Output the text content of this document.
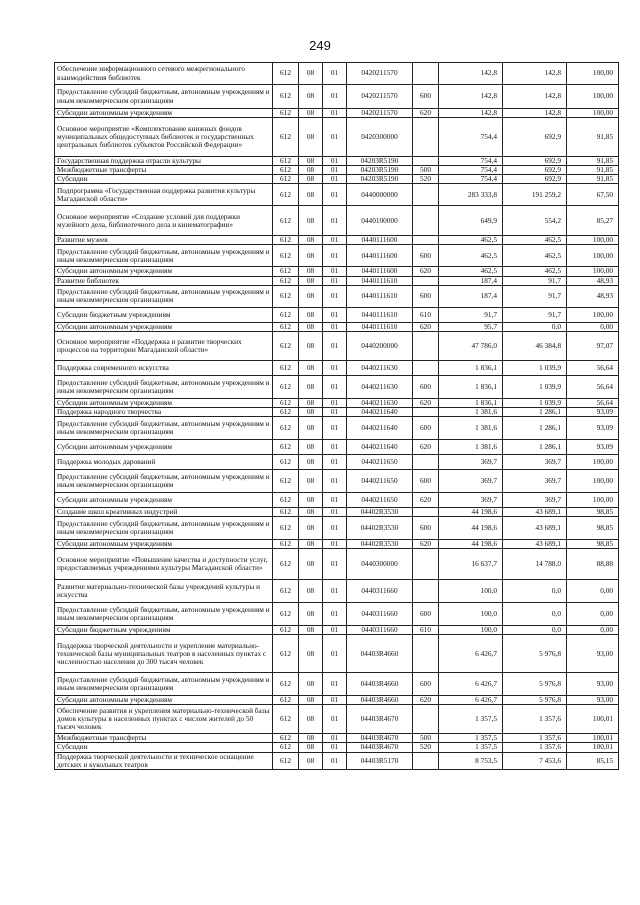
249
Обеспечение информационного сетевого межрегионального взаимодействия библиотек	612	08	01	0420211570		142,8	142,8	100,00
Предоставление субсидий бюджетным, автономным учреждениям и иным некоммерческим организациям	612	08	01	0420211570	600	142,8	142,8	100,00
Субсидии автономным учреждениям	612	08	01	0420211570	620	142,8	142,8	100,00
Основное мероприятие «Комплектование книжных фондов муниципальных общедоступных библиотек и государственных центральных библиотек субъектов Российской Федерации»	612	08	01	0420300000		754,4	692,9	91,85
Государственная поддержка отрасли культуры	612	08	01	04203R5190		754,4	692,9	91,85
Межбюджетные трансферты	612	08	01	04203R5190	500	754,4	692,9	91,85
Субсидии	612	08	01	04203R5190	520	754,4	692,9	91,85
Подпрограмма «Государственная поддержка развития культуры Магаданской области»	612	08	01	0440000000		283 333,8	191 259,2	67,50
Основное мероприятие «Создание условий для поддержки музейного дела, библиотечного дела и кинематографии»	612	08	01	0440100000		649,9	554,2	85,27
Развитие музеев	612	08	01	0440111600		462,5	462,5	100,00
Предоставление субсидий бюджетным, автономным учреждениям и иным некоммерческим организациям	612	08	01	0440111600	600	462,5	462,5	100,00
Субсидии автономным учреждениям	612	08	01	0440111600	620	462,5	462,5	100,00
Развитие библиотек	612	08	01	0440111610		187,4	91,7	48,93
Предоставление субсидий бюджетным, автономным учреждениям и иным некоммерческим организациям	612	08	01	0440111610	600	187,4	91,7	48,93
Субсидии бюджетным учреждениям	612	08	01	0440111610	610	91,7	91,7	100,00
Субсидии автономным учреждениям	612	08	01	0440111610	620	95,7	0,0	0,00
Основное мероприятие «Поддержка и развитие творческих процессов на территории Магаданской области»	612	08	01	0440200000		47 786,0	46 384,8	97,07
Поддержка современного искусства	612	08	01	0440211630		1 836,1	1 039,9	56,64
Предоставление субсидий бюджетным, автономным учреждениям и иным некоммерческим организациям	612	08	01	0440211630	600	1 836,1	1 039,9	56,64
Субсидии автономным учреждениям	612	08	01	0440211630	620	1 836,1	1 039,9	56,64
Поддержка народного творчества	612	08	01	0440211640		1 381,6	1 286,1	93,09
Предоставление субсидий бюджетным, автономным учреждениям и иным некоммерческим организациям	612	08	01	0440211640	600	1 381,6	1 286,1	93,09
Субсидии автономным учреждениям	612	08	01	0440211640	620	1 381,6	1 286,1	93,09
Поддержка молодых дарований	612	08	01	0440211650		369,7	369,7	100,00
Предоставление субсидий бюджетным, автономным учреждениям и иным некоммерческим организациям	612	08	01	0440211650	600	369,7	369,7	100,00
Субсидии автономным учреждениям	612	08	01	0440211650	620	369,7	369,7	100,00
Создание школ креативных индустрий	612	08	01	04402R3530		44 198,6	43 689,1	98,85
Предоставление субсидий бюджетным, автономным учреждениям и иным некоммерческим организациям	612	08	01	04402R3530	600	44 198,6	43 689,1	98,85
Субсидии автономным учреждениям	612	08	01	04402R3530	620	44 198,6	43 689,1	98,85
Основное мероприятие «Повышение качества и доступности услуг, предоставляемых учреждениями культуры Магаданской области»	612	08	01	0440300000		16 637,7	14 788,0	88,88
Развитие материально-технической базы учреждений культуры и искусства	612	08	01	0440311660		100,0	0,0	0,00
Предоставление субсидий бюджетным, автономным учреждениям и иным некоммерческим организациям	612	08	01	0440311660	600	100,0	0,0	0,00
Субсидии бюджетным учреждениям	612	08	01	0440311660	610	100,0	0,0	0,00
Поддержка творческой деятельности и укрепление материально-технической базы муниципальных театров в населенных пунктах с численностью населения до 300 тысяч человек	612	08	01	04403R4660		6 426,7	5 976,8	93,00
Предоставление субсидий бюджетным, автономным учреждениям и иным некоммерческим организациям	612	08	01	04403R4660	600	6 426,7	5 976,8	93,00
Субсидии автономным учреждениям	612	08	01	04403R4660	620	6 426,7	5 976,8	93,00
Обеспечение развития и укрепления материально-технической базы домов культуры в населенных пунктах с числом жителей до 50 тысяч человек	612	08	01	04403R4670		1 357,5	1 357,6	100,01
Межбюджетные трансферты	612	08	01	04403R4670	500	1 357,5	1 357,6	100,01
Субсидии	612	08	01	04403R4670	520	1 357,5	1 357,6	100,01
Поддержка творческой деятельности и техническое оснащение детских и кукольных театров	612	08	01	04403R5170		8 753,5	7 453,6	85,15
